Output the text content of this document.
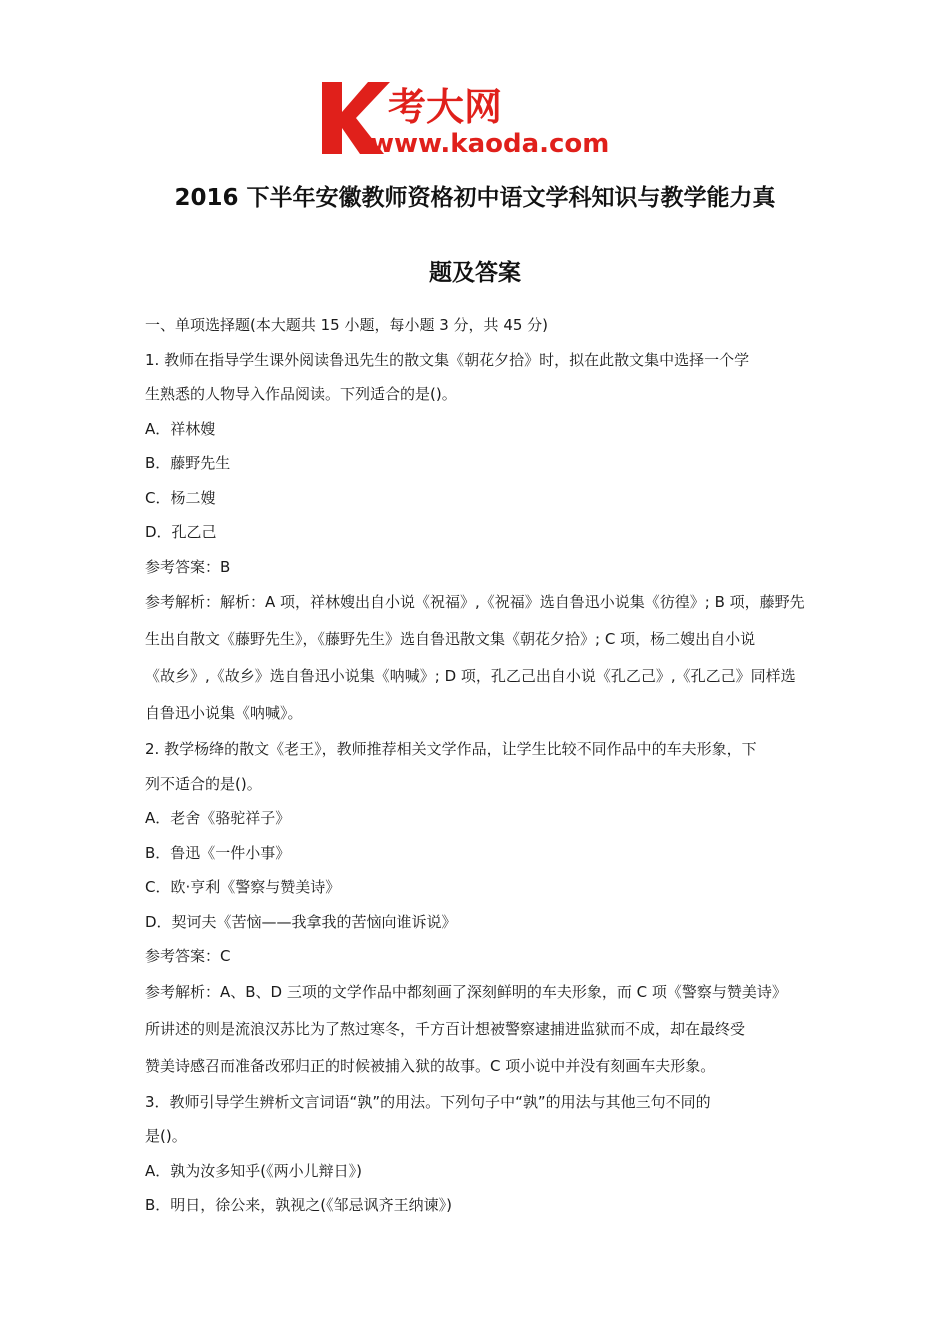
考大网
www.kaoda.com
2016 下半年安徽教师资格初中语文学科知识与教学能力真
题及答案
一、单项选择题(本大题共 15 小题，每小题 3 分，共 45 分)
1. 教师在指导学生课外阅读鲁迅先生的散文集《朝花夕拾》时，拟在此散文集中选择一个学
生熟悉的人物导入作品阅读。下列适合的是()。
A．祥林嫂
B．藤野先生
C．杨二嫂
D．孔乙己
参考答案：B
参考解析：解析：A 项，祥林嫂出自小说《祝福》,《祝福》选自鲁迅小说集《彷徨》; B 项，藤野先
生出自散文《藤野先生》，《藤野先生》选自鲁迅散文集《朝花夕拾》; C 项，杨二嫂出自小说
《故乡》,《故乡》选自鲁迅小说集《呐喊》; D 项，孔乙己出自小说《孔乙己》,《孔乙己》同样选
自鲁迅小说集《呐喊》。
2. 教学杨绛的散文《老王》，教师推荐相关文学作品，让学生比较不同作品中的车夫形象，下
列不适合的是()。
A．老舍《骆驼祥子》
B．鲁迅《一件小事》
C．欧·亨利《警察与赞美诗》
D．契诃夫《苦恼——我拿我的苦恼向谁诉说》
参考答案：C
参考解析：A、B、D 三项的文学作品中都刻画了深刻鲜明的车夫形象，而 C 项《警察与赞美诗》
所讲述的则是流浪汉苏比为了熬过寒冬，千方百计想被警察逮捕进监狱而不成，却在最终受
赞美诗感召而准备改邪归正的时候被捕入狱的故事。C 项小说中并没有刻画车夫形象。
3．教师引导学生辨析文言词语“孰”的用法。下列句子中“孰”的用法与其他三句不同的
是()。
A．孰为汝多知乎(《两小儿辩日》)
B．明日，徐公来，孰视之(《邹忌讽齐王纳谏》)
